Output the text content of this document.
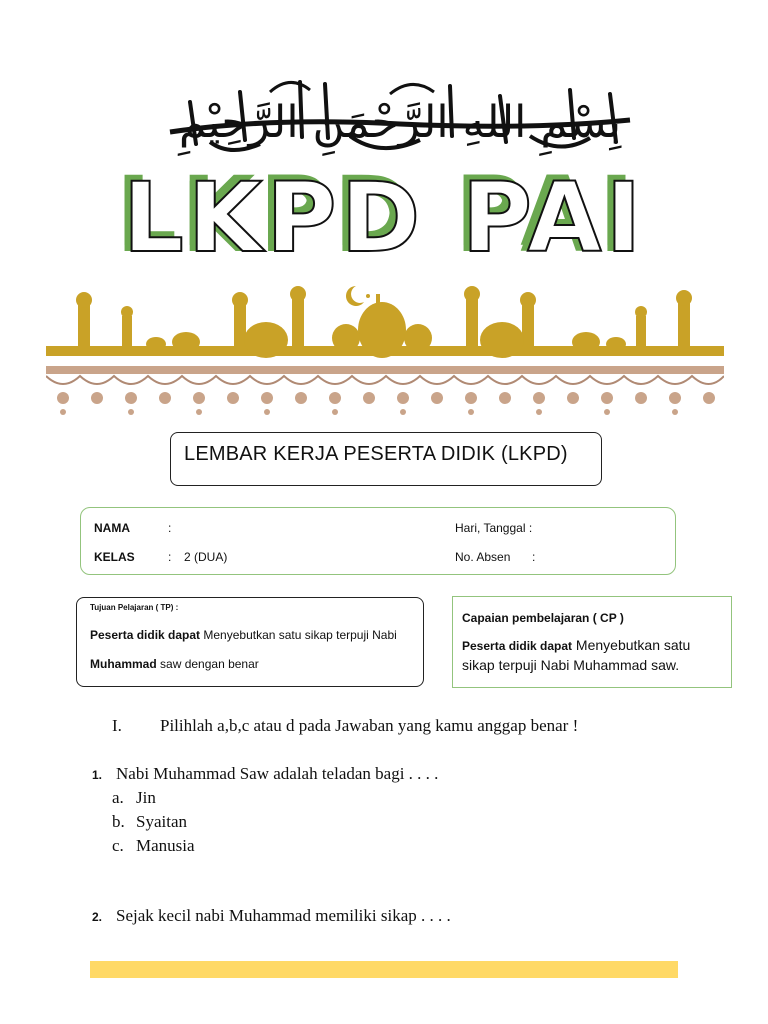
بِسْمِ اللهِ الرَّحْمَنِ الرَّحِيْمِ
LKPD PAI
LEMBAR KERJA PESERTA DIDIK (LKPD)
NAMA	:
KELAS	: 2 (DUA)
Hari, Tanggal :
No. Absen :
Tujuan Pelajaran ( TP) :
Peserta didik dapat Menyebutkan satu sikap terpuji Nabi
Muhammad saw dengan benar
Capaian pembelajaran ( CP )
Peserta didik dapat Menyebutkan satu
sikap terpuji Nabi Muhammad saw.
I. Pilihlah a,b,c atau d pada Jawaban yang kamu anggap benar !
1. Nabi Muhammad Saw adalah teladan bagi . . . .
a. Jin
b. Syaitan
c. Manusia
2. Sejak kecil nabi Muhammad memiliki sikap . . . .
